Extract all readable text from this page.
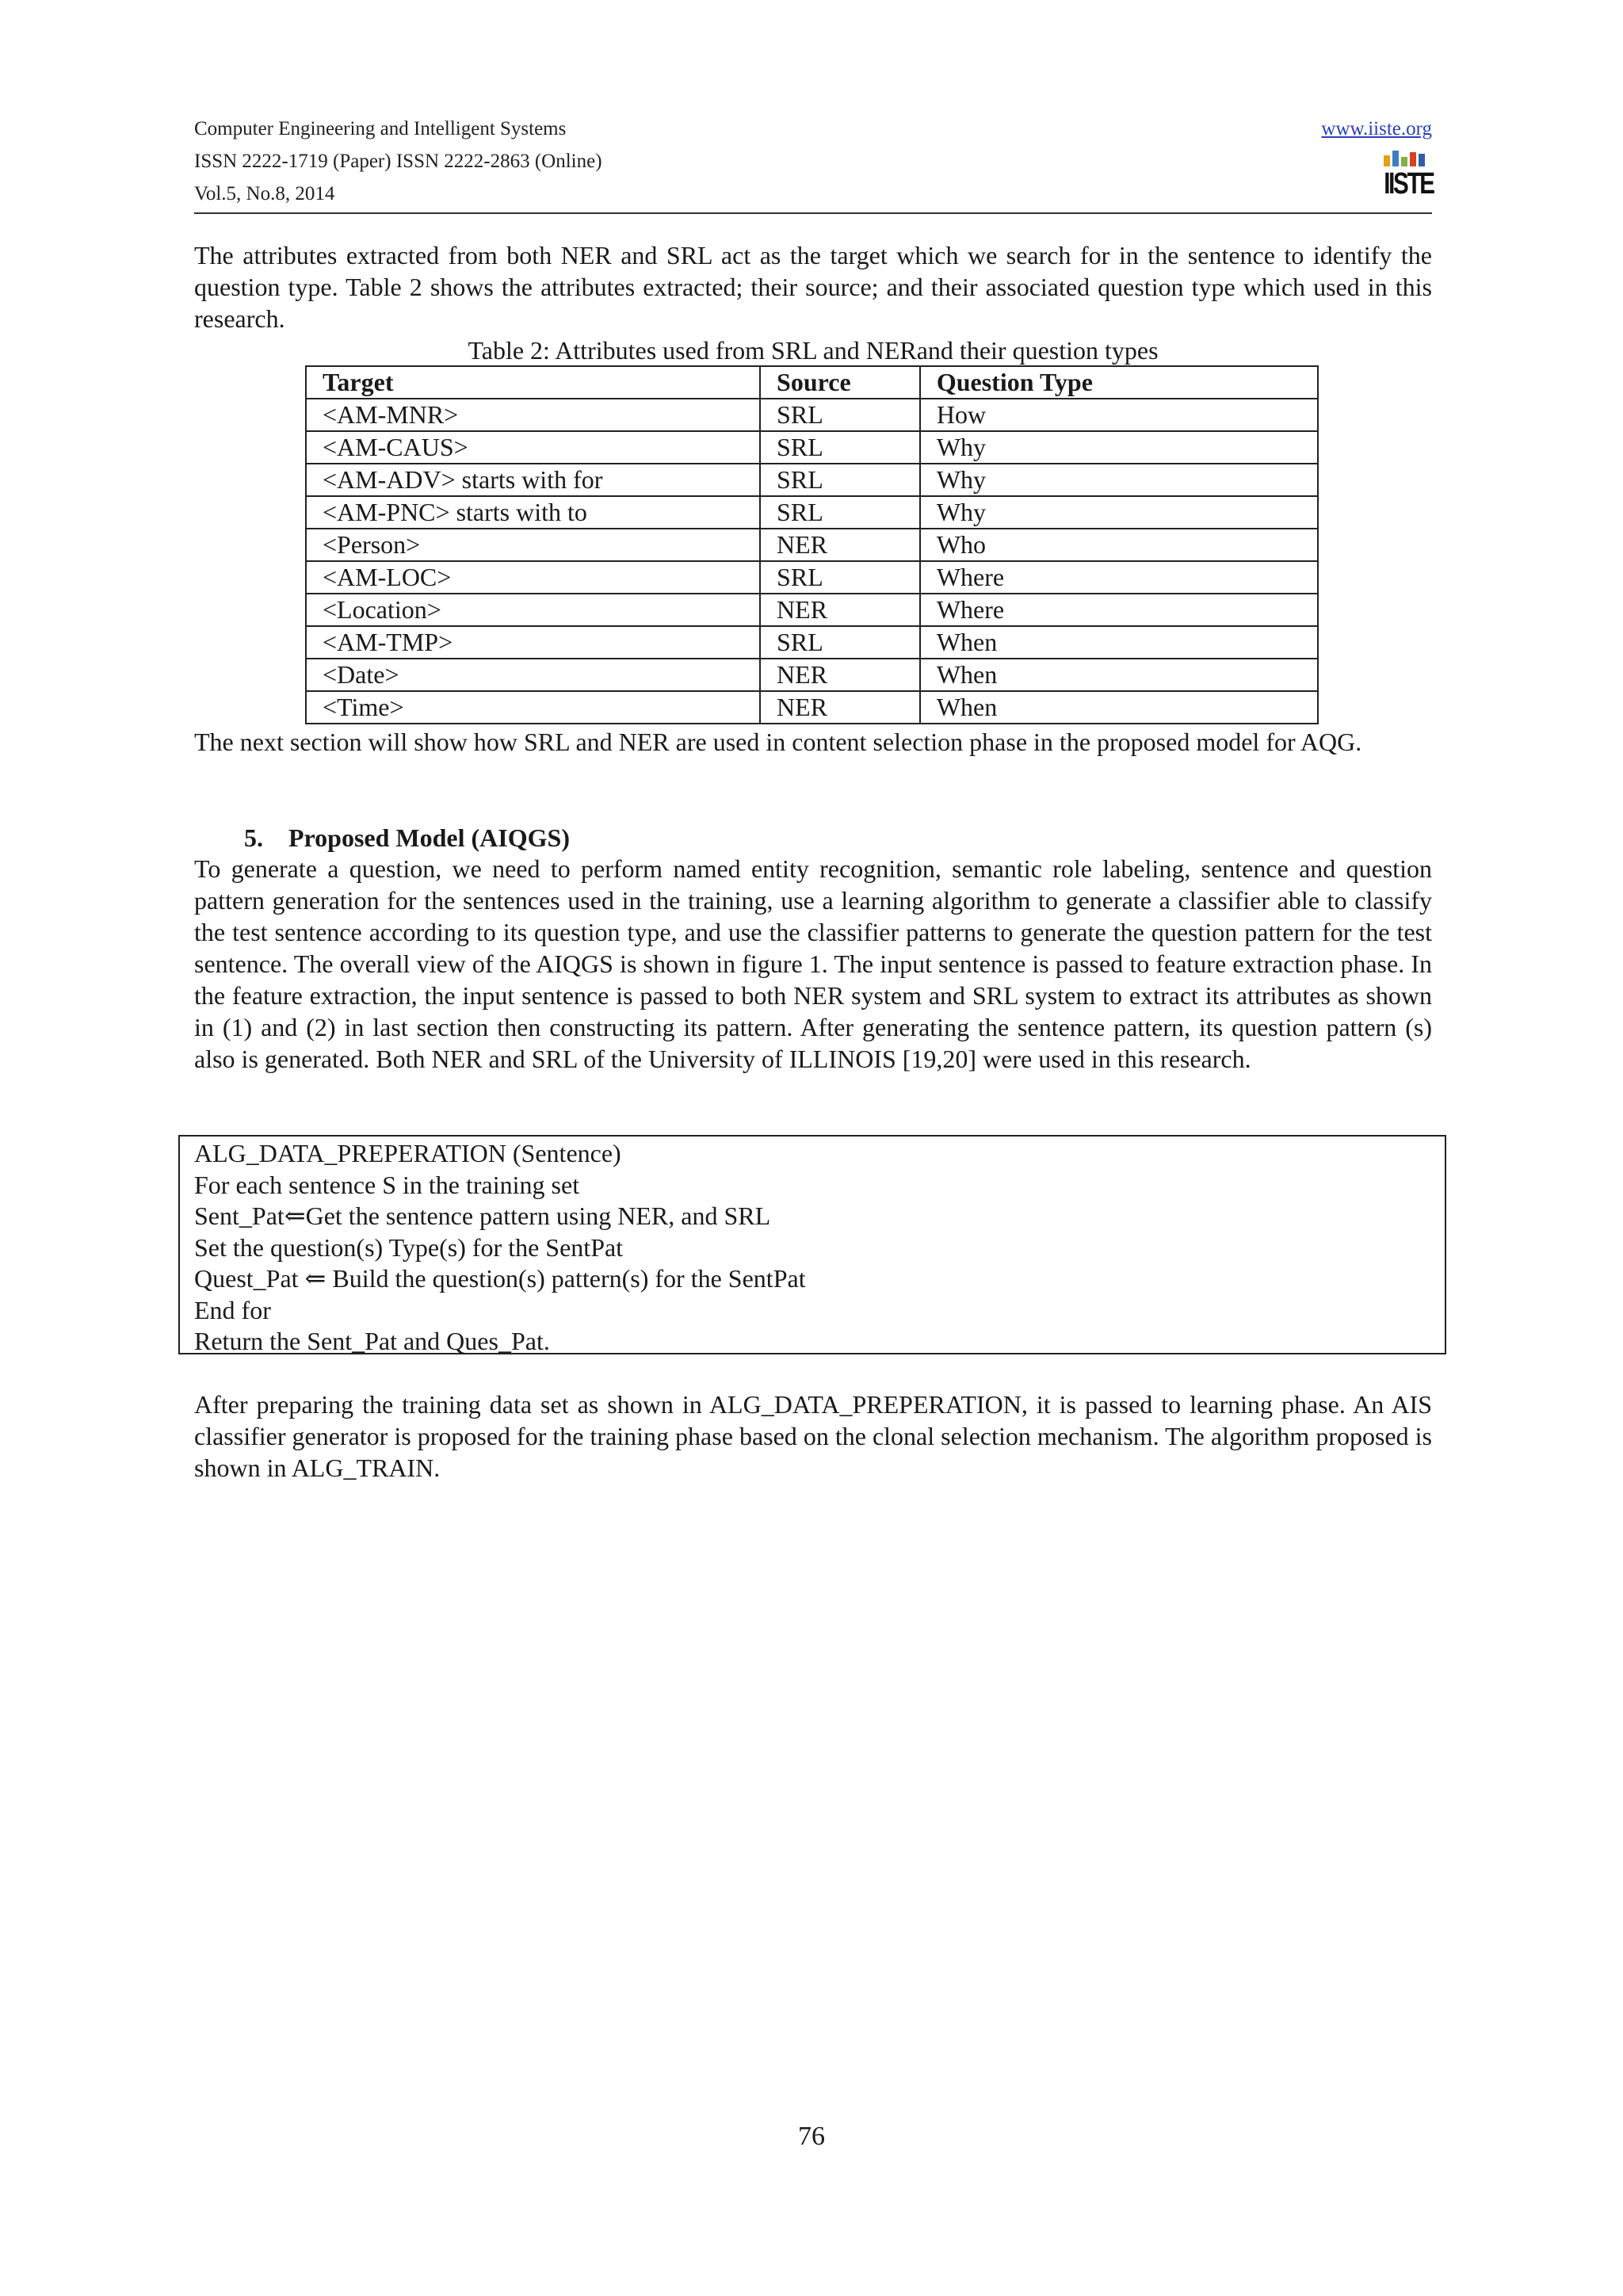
Computer Engineering and Intelligent Systems
ISSN 2222-1719 (Paper) ISSN 2222-2863 (Online)
Vol.5, No.8, 2014
www.iiste.org
IISTE
The attributes extracted from both NER and SRL act as the target which we search for in the sentence to identify the question type. Table 2 shows the attributes extracted; their source; and their associated question type which used in this research.
Table 2: Attributes used from SRL and NERand their question types
Target	Source	Question Type
<AM-MNR>	SRL	How
<AM-CAUS>	SRL	Why
<AM-ADV> starts with for	SRL	Why
<AM-PNC> starts with to	SRL	Why
<Person>	NER	Who
<AM-LOC>	SRL	Where
<Location>	NER	Where
<AM-TMP>	SRL	When
<Date>	NER	When
<Time>	NER	When
The next section will show how SRL and NER are used in content selection phase in the proposed model for AQG.
5. Proposed Model (AIQGS)
To generate a question, we need to perform named entity recognition, semantic role labeling, sentence and question pattern generation for the sentences used in the training, use a learning algorithm to generate a classifier able to classify the test sentence according to its question type, and use the classifier patterns to generate the question pattern for the test sentence. The overall view of the AIQGS is shown in figure 1. The input sentence is passed to feature extraction phase. In the feature extraction, the input sentence is passed to both NER system and SRL system to extract its attributes as shown in (1) and (2) in last section then constructing its pattern. After generating the sentence pattern, its question pattern (s) also is generated. Both NER and SRL of the University of ILLINOIS [19,20] were used in this research.
ALG_DATA_PREPERATION (Sentence)
For each sentence S in the training set
Sent_Pat⇐Get the sentence pattern using NER, and SRL
Set the question(s) Type(s) for the SentPat
Quest_Pat ⇐ Build the question(s) pattern(s) for the SentPat
End for
Return the Sent_Pat and Ques_Pat.
After preparing the training data set as shown in ALG_DATA_PREPERATION, it is passed to learning phase. An AIS classifier generator is proposed for the training phase based on the clonal selection mechanism. The algorithm proposed is shown in ALG_TRAIN.
76
